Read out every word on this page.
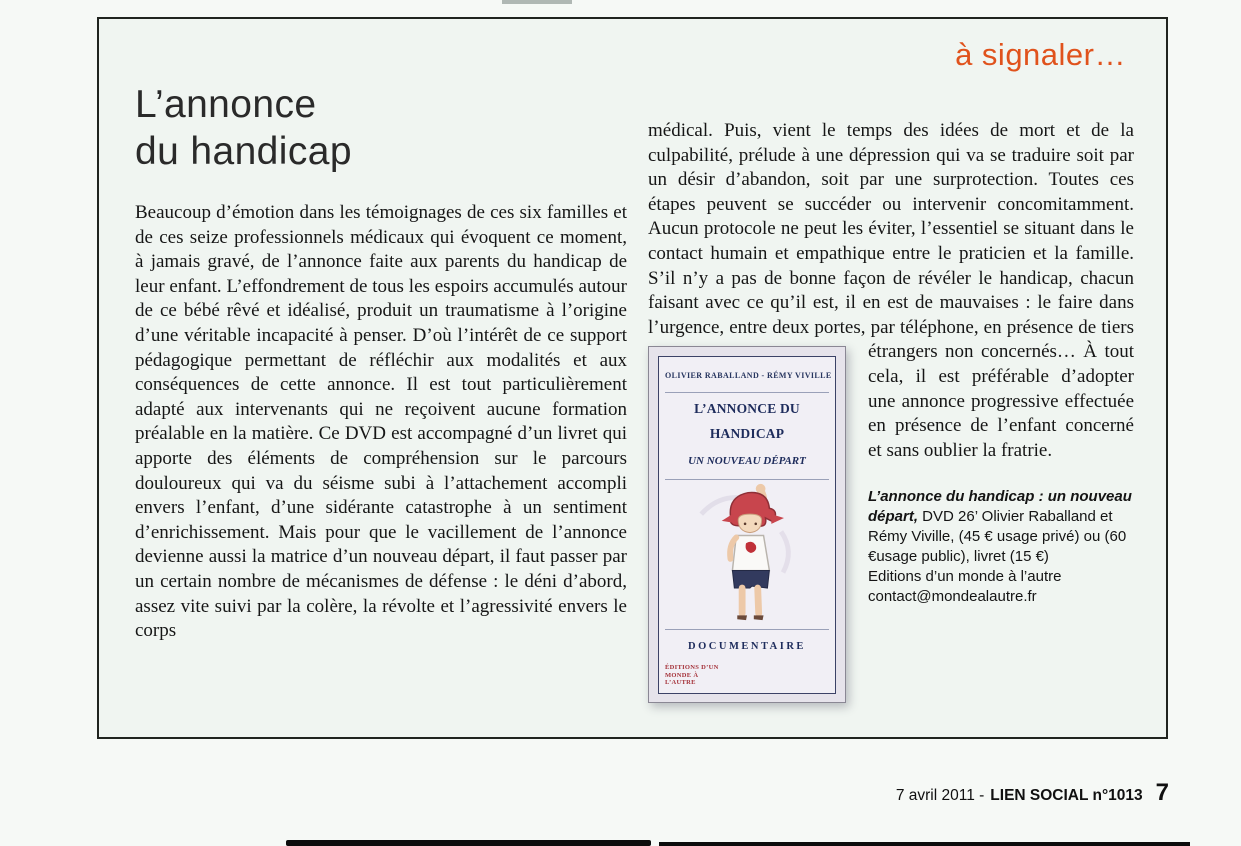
à signaler…
L’annonce
du handicap
Beaucoup d’émotion dans les témoignages de ces six familles et de ces seize professionnels médicaux qui évoquent ce moment, à jamais gravé, de l’annonce faite aux parents du handicap de leur enfant. L’effondrement de tous les espoirs accumulés autour de ce bébé rêvé et idéalisé, produit un traumatisme à l’origine d’une véritable incapacité à penser. D’où l’intérêt de ce support pédagogique permettant de réfléchir aux modalités et aux conséquences de cette annonce. Il est tout particulièrement adapté aux intervenants qui ne reçoivent aucune formation préalable en la matière. Ce DVD est accompagné d’un livret qui apporte des éléments de compréhension sur le parcours douloureux qui va du séisme subi à l’attachement accompli envers l’enfant, d’une sidérante catastrophe à un sentiment d’enrichissement. Mais pour que le vacillement de l’annonce devienne aussi la matrice d’un nouveau départ, il faut passer par un certain nombre de mécanismes de défense : le déni d’abord, assez vite suivi par la colère, la révolte et l’agressivité envers le corps
médical. Puis, vient le temps des idées de mort et de la culpabilité, prélude à une dépression qui va se traduire soit par un désir d’abandon, soit par une surprotection. Toutes ces étapes peuvent se succéder ou intervenir concomitamment. Aucun protocole ne peut les éviter, l’essentiel se situant dans le contact humain et empathique entre le praticien et la famille. S’il n’y a pas de bonne façon de révéler le handicap, chacun faisant avec ce qu’il est, il en est de mauvaises : le faire dans l’urgence, entre deux portes, par téléphone, en présence de tiers étrangers non concernés… À tout
OLIVIER RABALLAND - RÉMY VIVILLE
L’ANNONCE DU HANDICAP
UN NOUVEAU DÉPART
DOCUMENTAIRE
ÉDITIONS D’UN MONDE À L’AUTRE
cela, il est préférable d’adopter une annonce progressive effectuée en présence de l’enfant concerné et sans oublier la fratrie.
L’annonce du handicap : un nouveau départ, DVD 26’ Olivier Raballand et Rémy Viville, (45 € usage privé) ou (60 €usage public), livret (15 €)
Editions d’un monde à l’autre
contact@mondealautre.fr
7 avril 2011 - LIEN SOCIAL n°1013 7
